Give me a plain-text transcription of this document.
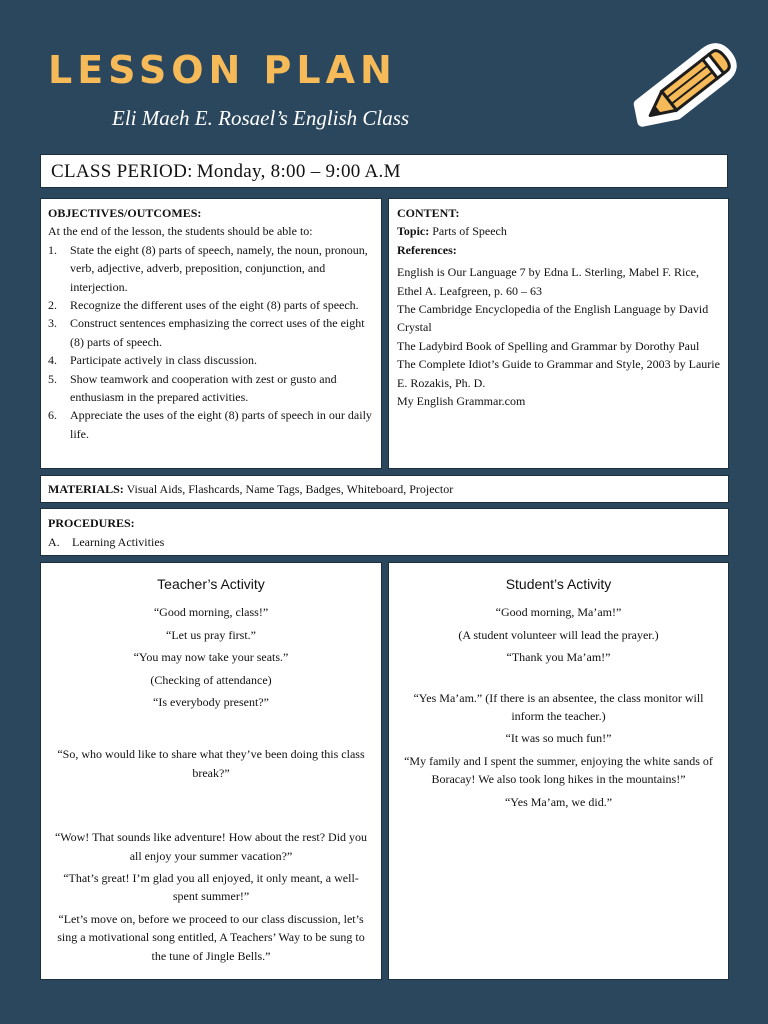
LESSON PLAN
Eli Maeh E. Rosael’s English Class
CLASS PERIOD: Monday, 8:00 – 9:00 A.M
OBJECTIVES/OUTCOMES:
At the end of the lesson, the students should be able to:
1.	State the eight (8) parts of speech, namely, the noun, pronoun, verb, adjective, adverb, preposition, conjunction, and interjection.
2.	Recognize the different uses of the eight (8) parts of speech.
3.	Construct sentences emphasizing the correct uses of the eight (8) parts of speech.
4.	Participate actively in class discussion.
5.	Show teamwork and cooperation with zest or gusto and enthusiasm in the prepared activities.
6.	Appreciate the uses of the eight (8) parts of speech in our daily life.
CONTENT:
Topic: Parts of Speech
References:

English is Our Language 7 by Edna L. Sterling, Mabel F. Rice, Ethel A. Leafgreen, p. 60 – 63

The Cambridge Encyclopedia of the English Language by David Crystal

The Ladybird Book of Spelling and Grammar by Dorothy Paul

The Complete Idiot’s Guide to Grammar and Style, 2003 by Laurie E. Rozakis, Ph. D.

My English Grammar.com

MATERIALS: Visual Aids, Flashcards, Name Tags, Badges, Whiteboard, Projector
PROCEDURES:
A. Learning Activities
Teacher’s Activity

“Good morning, class!”

“Let us pray first.”

“You may now take your seats.”

(Checking of attendance)

“Is everybody present?”

“So, who would like to share what they’ve been doing this class break?”

“Wow! That sounds like adventure! How about the rest? Did you all enjoy your summer vacation?”

“That’s great! I’m glad you all enjoyed, it only meant, a well-spent summer!”

“Let’s move on, before we proceed to our class discussion, let’s sing a motivational song entitled, A Teachers’ Way to be sung to the tune of Jingle Bells.”

Student’s Activity

“Good morning, Ma’am!”

(A student volunteer will lead the prayer.)

“Thank you Ma’am!”

“Yes Ma’am.” (If there is an absentee, the class monitor will inform the teacher.)

“It was so much fun!”

“My family and I spent the summer, enjoying the white sands of Boracay! We also took long hikes in the mountains!”

“Yes Ma’am, we did.”
